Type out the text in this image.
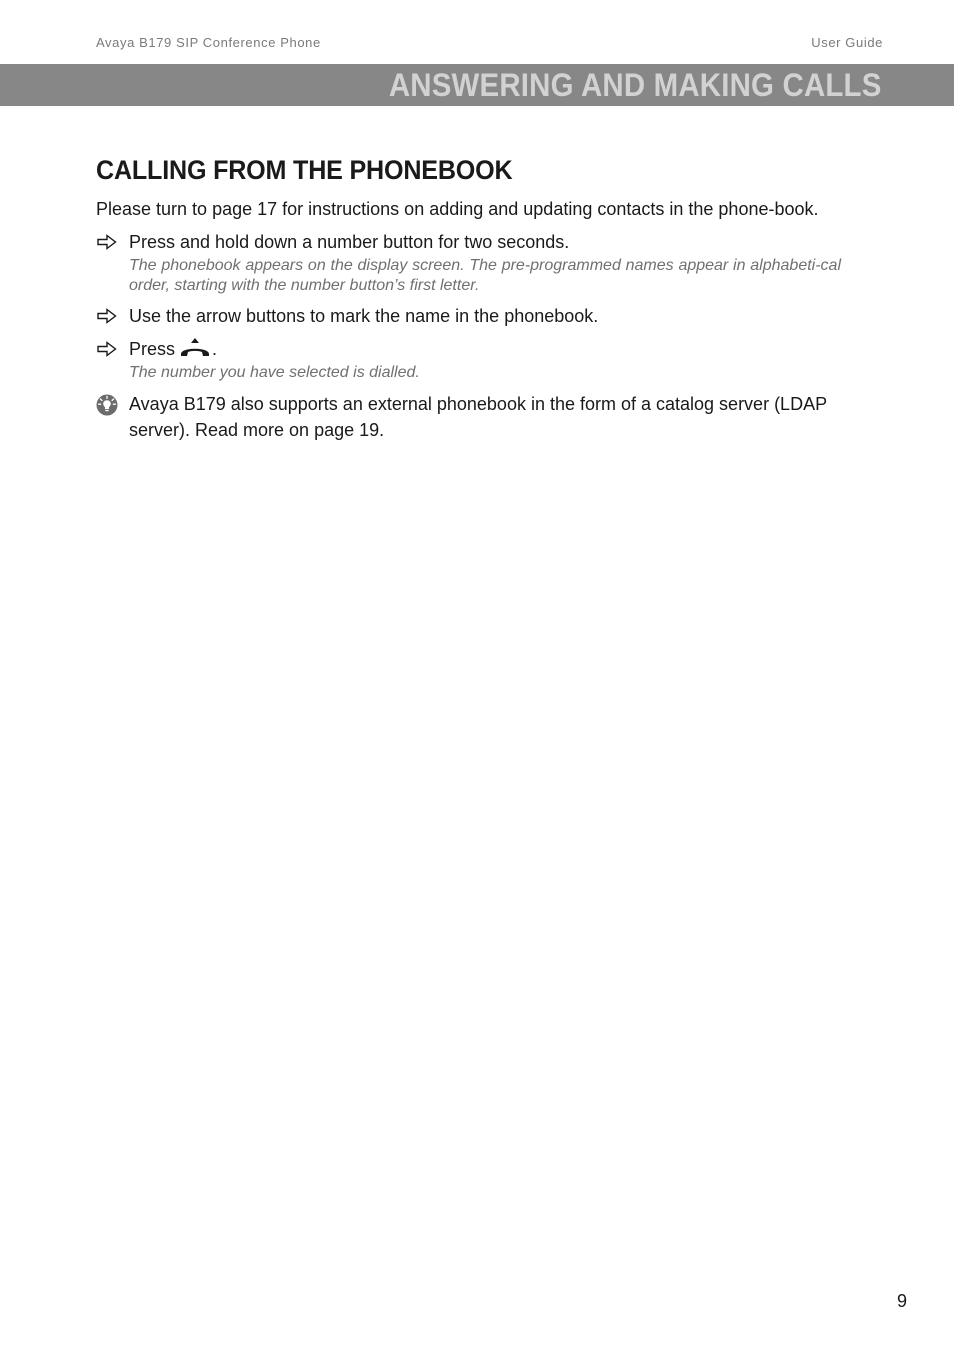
Avaya B179 SIP Conference Phone	User Guide
ANSWERING AND MAKING CALLS
CALLING FROM THE PHONEBOOK

Please turn to page 17 for instructions on adding and updating contacts in the phone-book.

Press and hold down a number button for two seconds.
The phonebook appears on the display screen. The pre-programmed names appear in alphabeti-cal order, starting with the number button’s first letter.
Use the arrow buttons to mark the name in the phonebook.
Press .
The number you have selected is dialled.
Avaya B179 also supports an external phonebook in the form of a catalog server (LDAP server). Read more on page 19.
9
